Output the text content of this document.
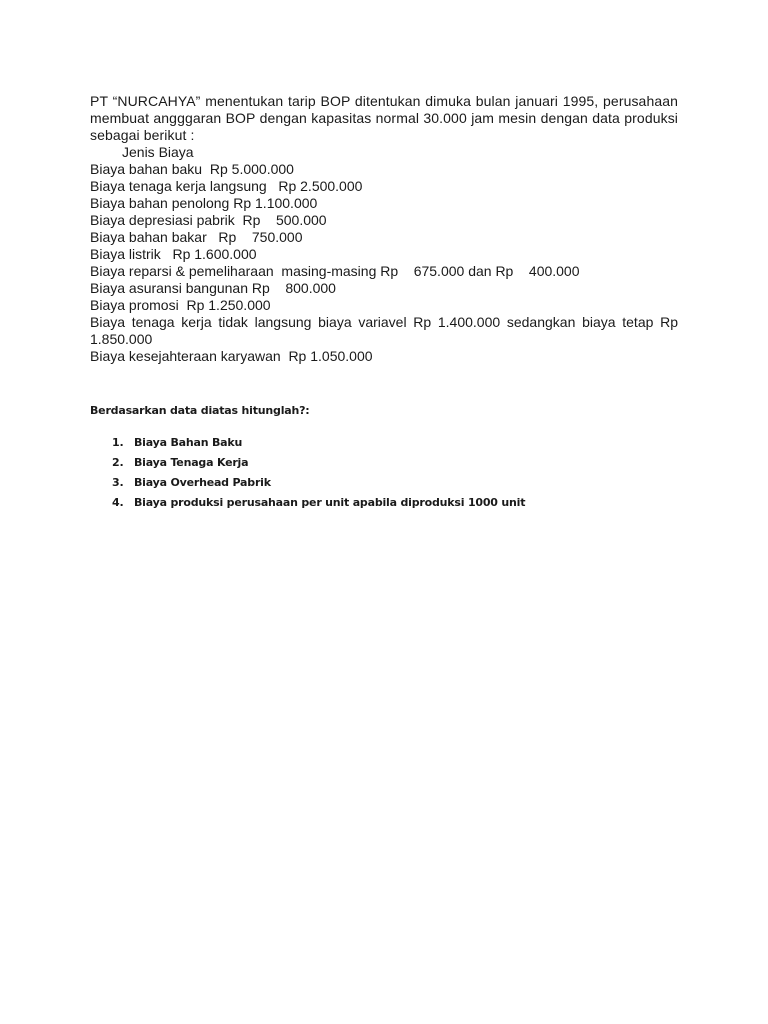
PT “NURCAHYA” menentukan tarip BOP ditentukan dimuka bulan januari 1995, perusahaan membuat angggaran BOP dengan kapasitas normal 30.000 jam mesin dengan data produksi sebagai berikut :

Jenis Biaya
Biaya bahan baku  Rp 5.000.000
Biaya tenaga kerja langsung   Rp 2.500.000
Biaya bahan penolong Rp 1.100.000
Biaya depresiasi pabrik  Rp    500.000
Biaya bahan bakar   Rp    750.000
Biaya listrik   Rp 1.600.000
Biaya reparsi & pemeliharaan  masing-masing Rp    675.000 dan Rp    400.000
Biaya asuransi bangunan Rp    800.000
Biaya promosi  Rp 1.250.000
Biaya tenaga kerja tidak langsung biaya variavel Rp 1.400.000 sedangkan biaya tetap Rp 1.850.000
Biaya kesejahteraan karyawan  Rp 1.050.000

Berdasarkan data diatas hitunglah?:

1. Biaya Bahan Baku
2. Biaya Tenaga Kerja
3. Biaya Overhead Pabrik
4. Biaya produksi perusahaan per unit apabila diproduksi 1000 unit
